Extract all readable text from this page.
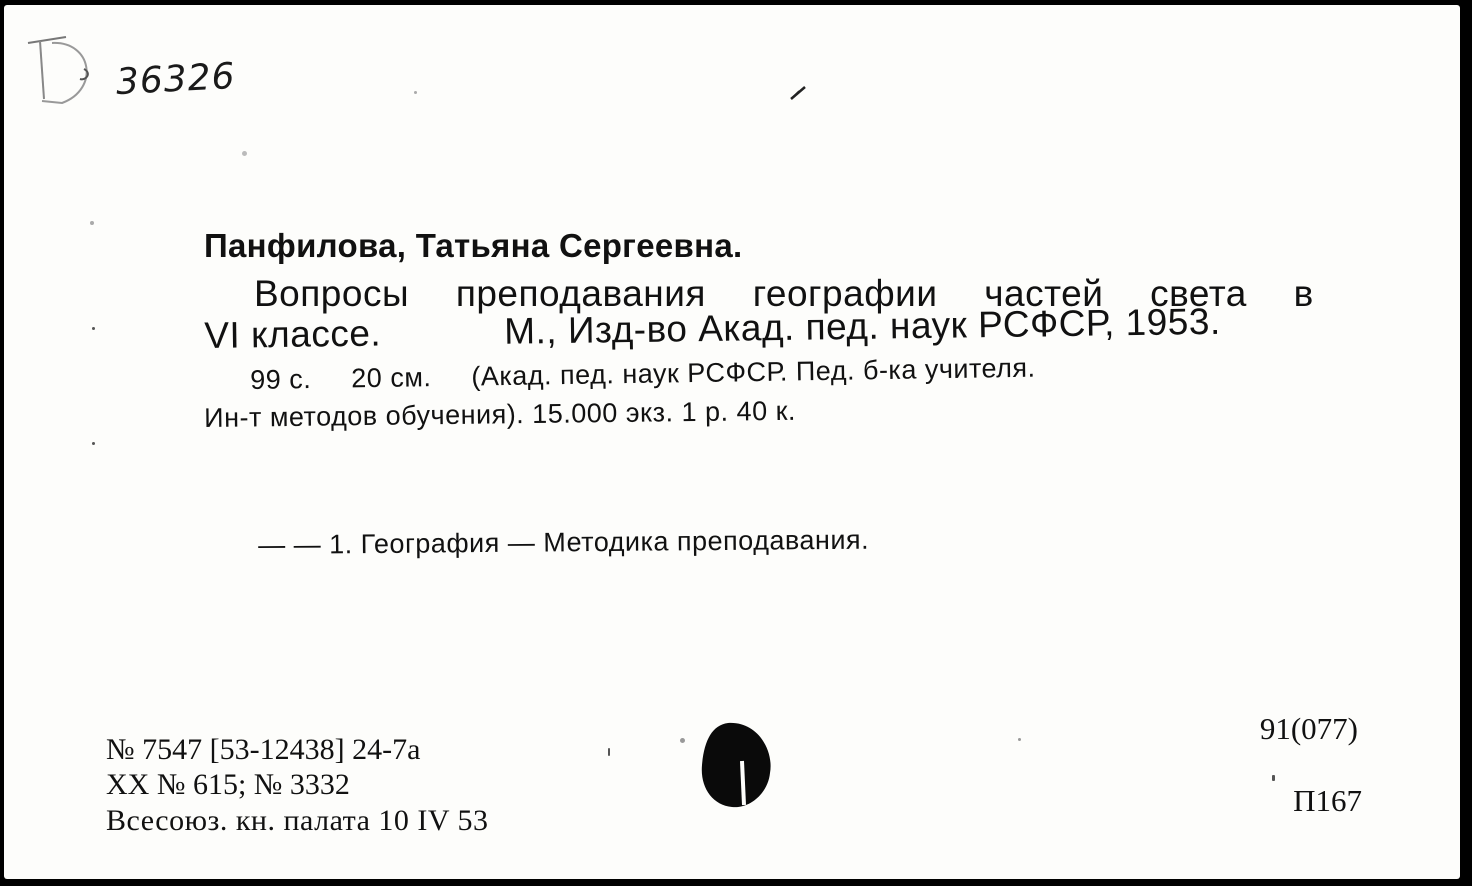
36326
Панфилова, Татьяна Сергеевна.
Вопросы преподавания географии частей света в
VI классе.	М., Изд-во Акад. пед. наук РСФСР, 1953.
99 с. 20 см. (Акад. пед. наук РСФСР. Пед. б-ка учителя.
Ин-т методов обучения). 15.000 экз. 1 р. 40 к.
— — 1. География — Методика преподавания.
№ 7547 [53-12438] 24-7а
XX № 615; № 3332
Всесоюз. кн. палата 10 IV 53
91(077)
П167
